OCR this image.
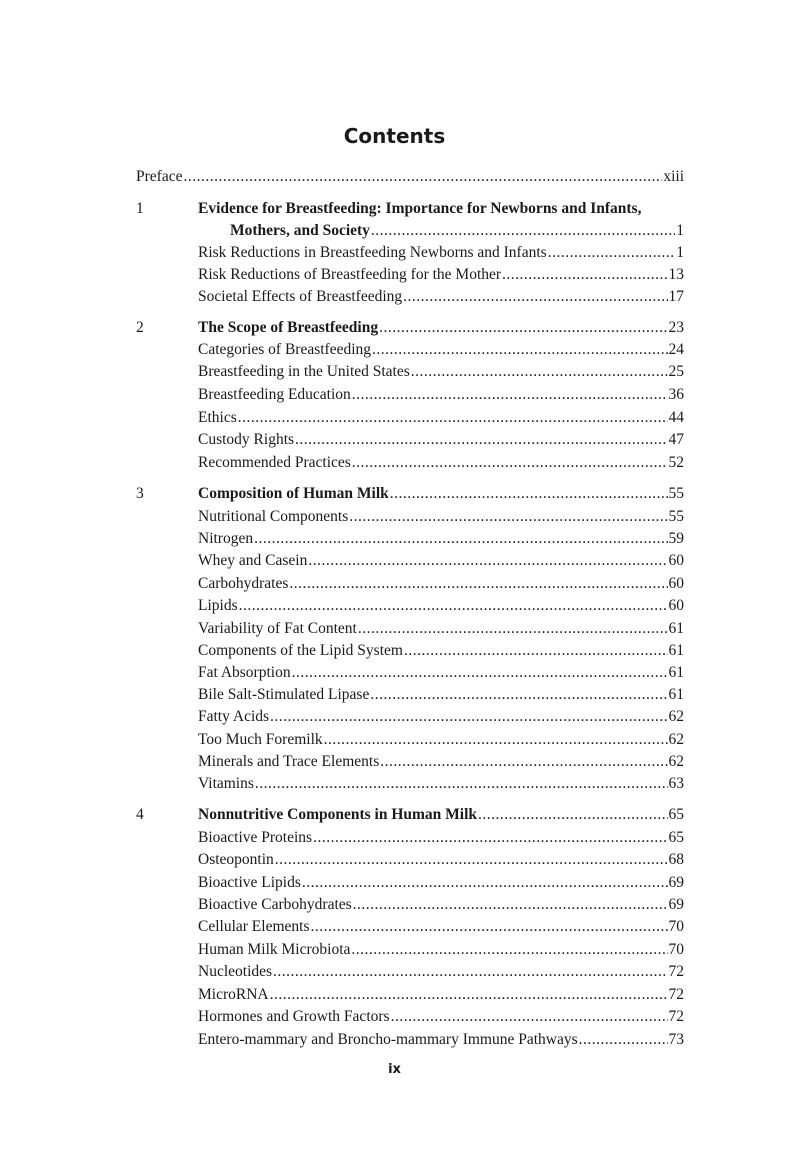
Contents
Preface .....	xiii
1	Evidence for Breastfeeding: Importance for Newborns and Infants,
Mothers, and Society .....	1
Risk Reductions in Breastfeeding Newborns and Infants .....	1
Risk Reductions of Breastfeeding for the Mother .....	13
Societal Effects of Breastfeeding .....	17
2	The Scope of Breastfeeding .....	23
Categories of Breastfeeding .....	24
Breastfeeding in the United States .....	25
Breastfeeding Education .....	36
Ethics .....	44
Custody Rights .....	47
Recommended Practices .....	52
3	Composition of Human Milk .....	55
Nutritional Components .....	55
Nitrogen .....	59
Whey and Casein .....	60
Carbohydrates .....	60
Lipids .....	60
Variability of Fat Content .....	61
Components of the Lipid System .....	61
Fat Absorption .....	61
Bile Salt-Stimulated Lipase .....	61
Fatty Acids .....	62
Too Much Foremilk .....	62
Minerals and Trace Elements .....	62
Vitamins .....	63
4	Nonnutritive Components in Human Milk .....	65
Bioactive Proteins .....	65
Osteopontin .....	68
Bioactive Lipids .....	69
Bioactive Carbohydrates .....	69
Cellular Elements .....	70
Human Milk Microbiota .....	70
Nucleotides .....	72
MicroRNA .....	72
Hormones and Growth Factors .....	72
Entero-mammary and Broncho-mammary Immune Pathways .....	73
ix
